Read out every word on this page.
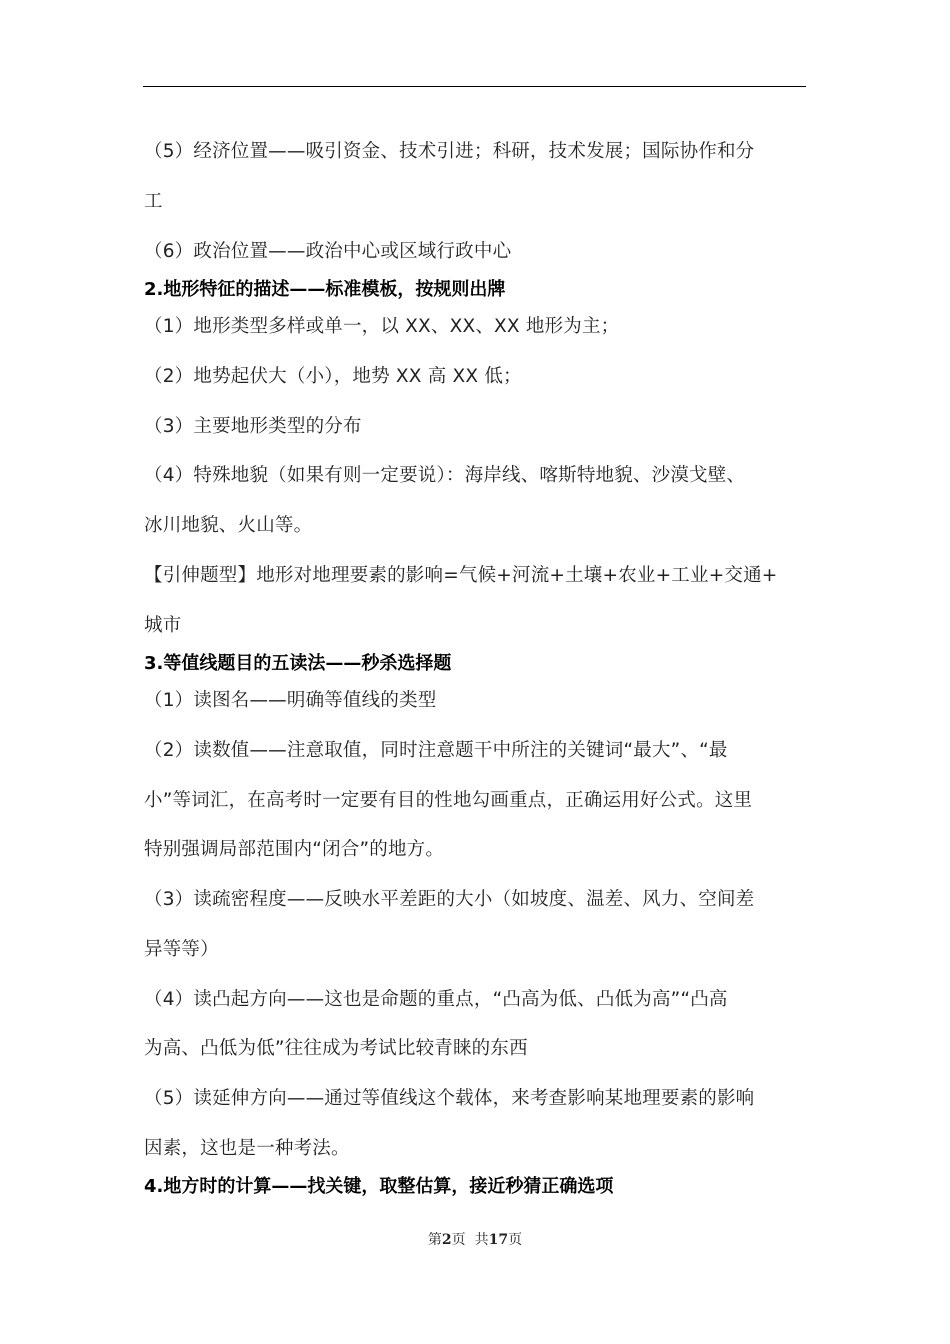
（5）经济位置——吸引资金、技术引进；科研，技术发展；国际协作和分

工

（6）政治位置——政治中心或区域行政中心

2.地形特征的描述——标准模板，按规则出牌

（1）地形类型多样或单一，以 XX、XX、XX 地形为主；

（2）地势起伏大（小），地势 XX 高 XX 低；

（3）主要地形类型的分布

（4）特殊地貌（如果有则一定要说）：海岸线、喀斯特地貌、沙漠戈壁、

冰川地貌、火山等。

【引伸题型】地形对地理要素的影响=气候+河流+土壤+农业+工业+交通+

城市

3.等值线题目的五读法——秒杀选择题

（1）读图名——明确等值线的类型

（2）读数值——注意取值，同时注意题干中所注的关键词“最大”、“最

小”等词汇，在高考时一定要有目的性地勾画重点，正确运用好公式。这里

特别强调局部范围内“闭合”的地方。

（3）读疏密程度——反映水平差距的大小（如坡度、温差、风力、空间差

异等等）

（4）读凸起方向——这也是命题的重点，“凸高为低、凸低为高”“凸高

为高、凸低为低”往往成为考试比较青睐的东西

（5）读延伸方向——通过等值线这个载体，来考查影响某地理要素的影响

因素，这也是一种考法。

4.地方时的计算——找关键，取整估算，接近秒猜正确选项

第2页  共17页
